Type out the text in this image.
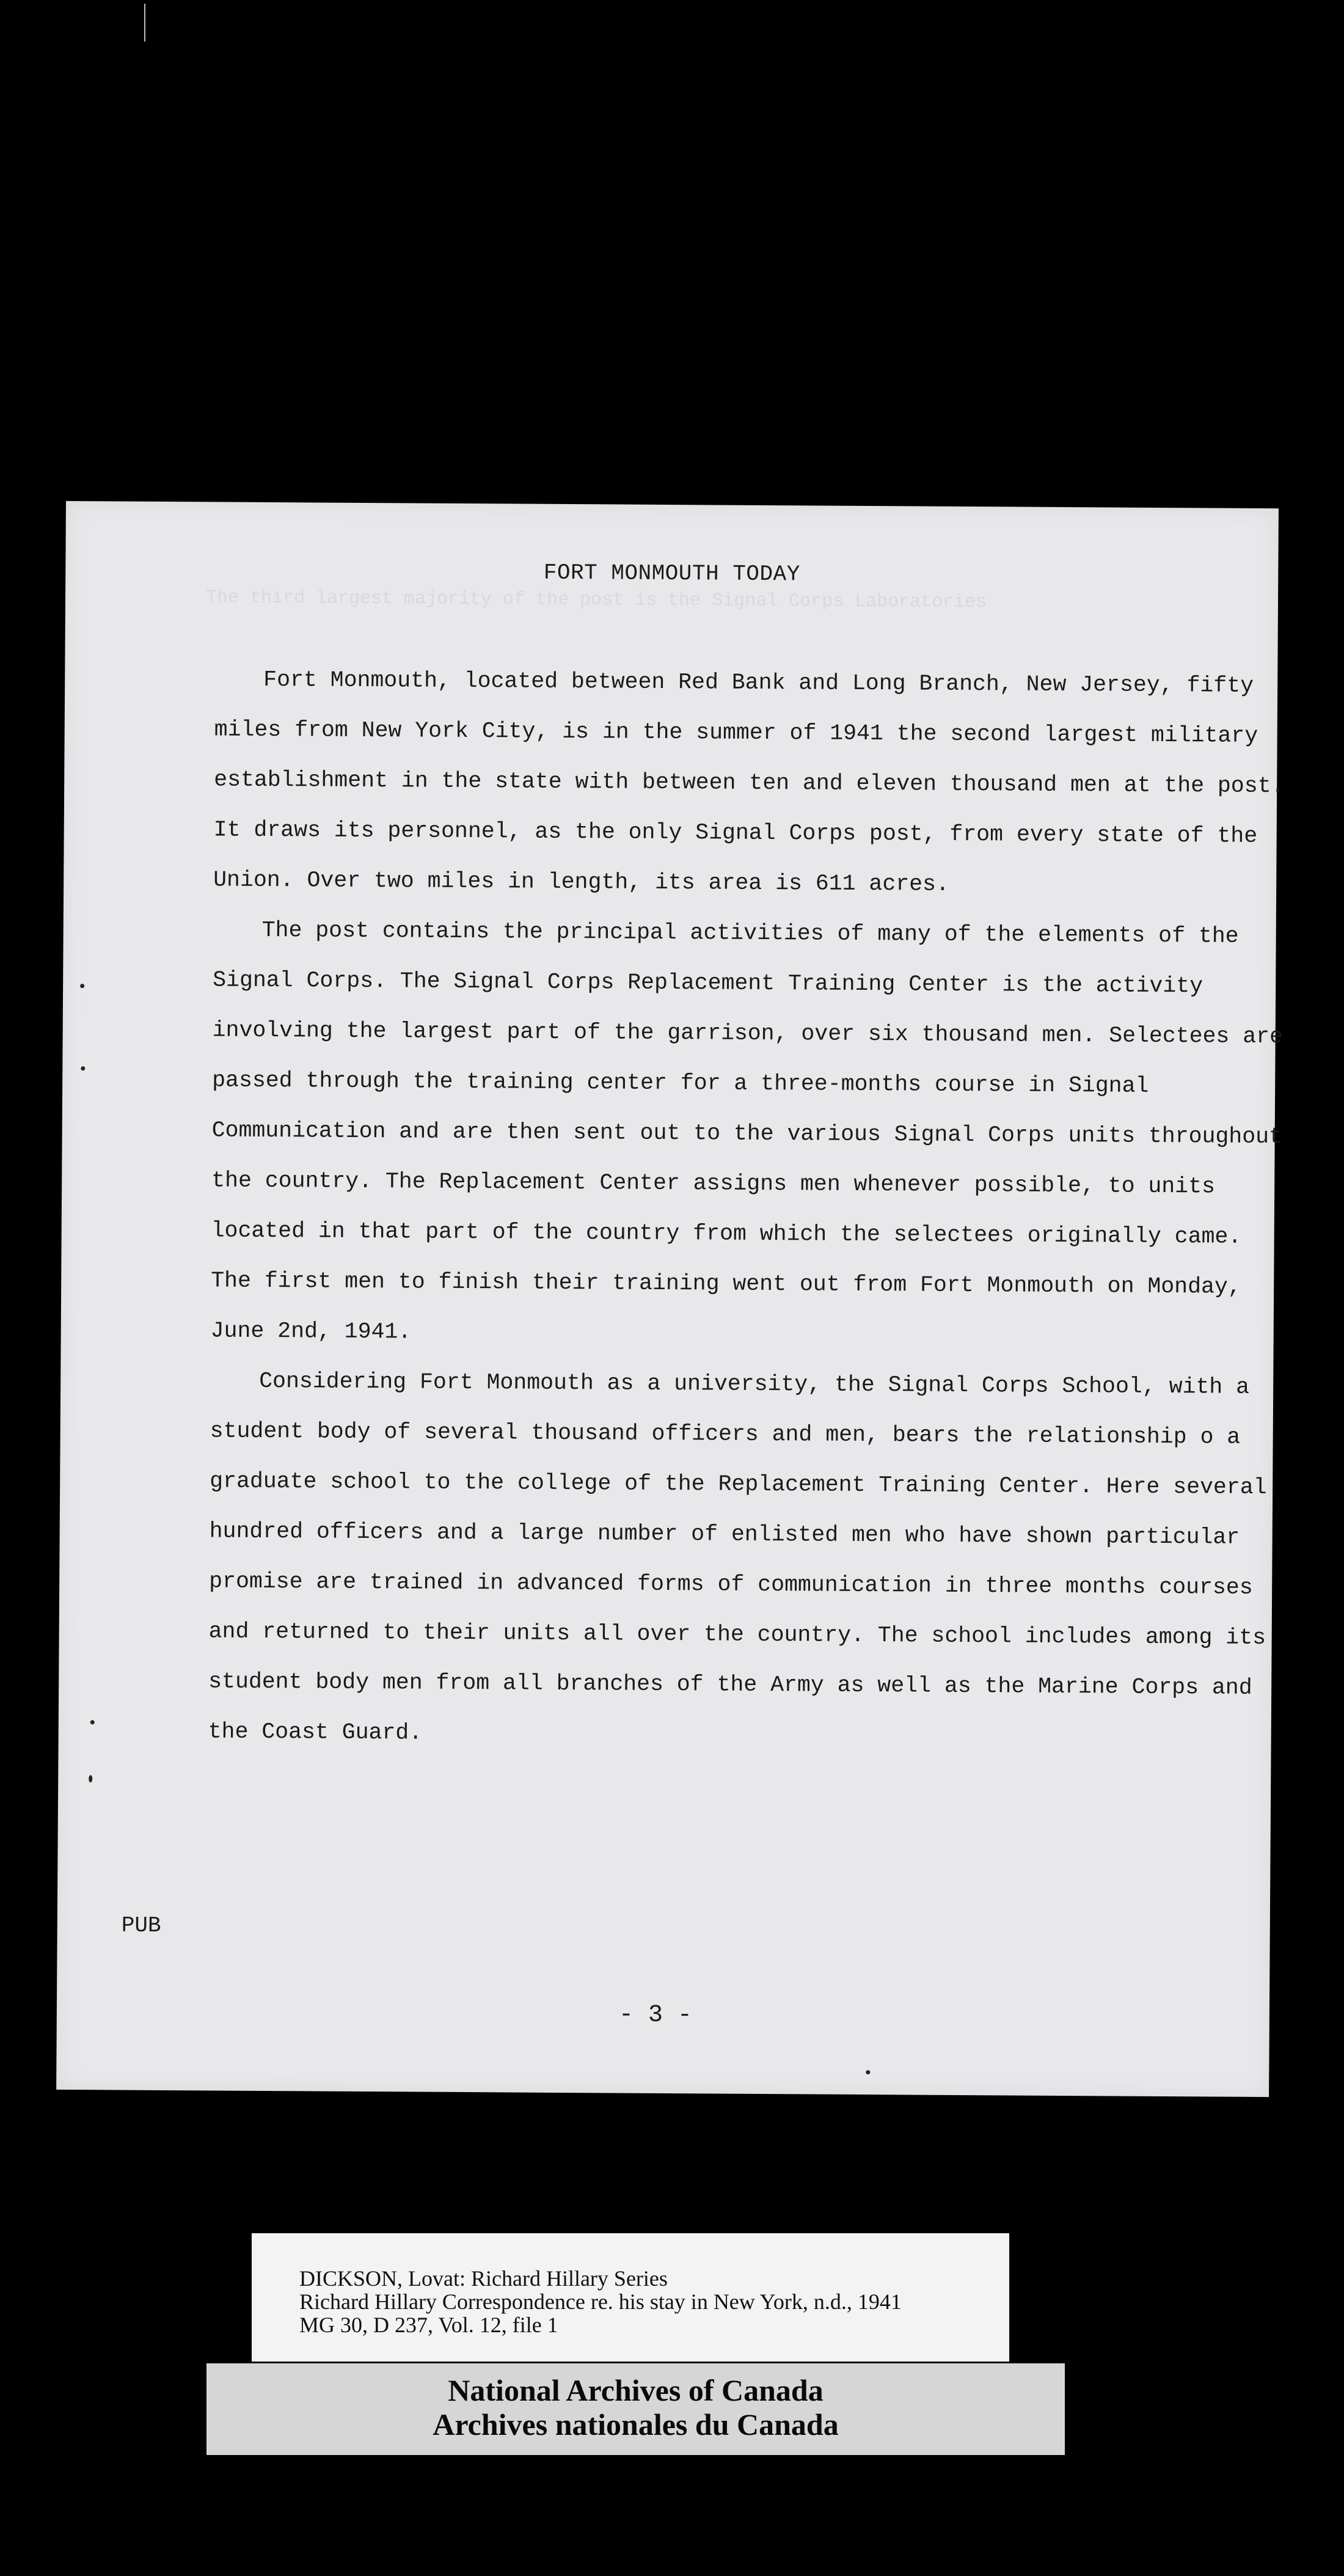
The third largest majority of the post is the Signal Corps Laboratories
FORT MONMOUTH TODAY

Fort Monmouth, located between Red Bank and Long Branch, New Jersey, fifty miles from New York City, is in the summer of 1941 the second largest military establishment in the state with between ten and eleven thousand men at the post. It draws its personnel, as the only Signal Corps post, from every state of the Union. Over two miles in length, its area is 611 acres.

The post contains the principal activities of many of the elements of the Signal Corps. The Signal Corps Replacement Training Center is the activity involving the largest part of the garrison, over six thousand men. Selectees are passed through the training center for a three-months course in Signal Communication and are then sent out to the various Signal Corps units throughout the country. The Replacement Center assigns men whenever possible, to units located in that part of the country from which the selectees originally came. The first men to finish their training went out from Fort Monmouth on Monday, June 2nd, 1941.

Considering Fort Monmouth as a university, the Signal Corps School, with a student body of several thousand officers and men, bears the relationship o a graduate school to the college of the Replacement Training Center. Here several hundred officers and a large number of enlisted men who have shown particular promise are trained in advanced forms of communication in three months courses and returned to their units all over the country. The school includes among its student body men from all branches of the Army as well as the Marine Corps and the Coast Guard.

PUB
- 3 -
DICKSON, Lovat: Richard Hillary Series
Richard Hillary Correspondence re. his stay in New York, n.d., 1941
MG 30, D 237, Vol. 12, file 1
National Archives of Canada
Archives nationales du Canada
